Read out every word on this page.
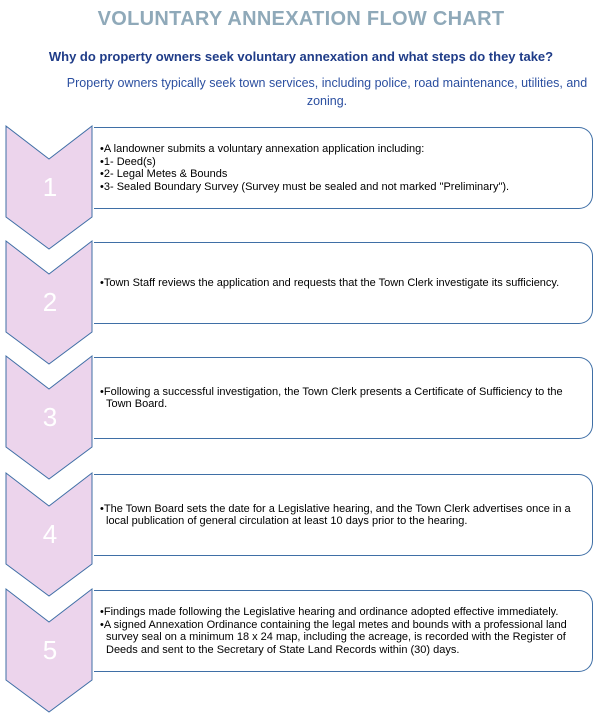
VOLUNTARY ANNEXATION FLOW CHART
Why do property owners seek voluntary annexation and what steps do they take?
Property owners typically seek town services, including police, road maintenance, utilities, and zoning.
1
•A landowner submits a voluntary annexation application including:
•1- Deed(s)
•2- Legal Metes & Bounds
•3- Sealed Boundary Survey (Survey must be sealed and not marked "Preliminary").
2
•Town Staff reviews the application and requests that the Town Clerk investigate its sufficiency.
3
•Following a successful investigation, the Town Clerk presents a Certificate of Sufficiency to the Town Board.
4
•The Town Board sets the date for a Legislative hearing, and the Town Clerk advertises once in a local publication of general circulation at least 10 days prior to the hearing.
5
•Findings made following the Legislative hearing and ordinance adopted effective immediately.
•A signed Annexation Ordinance containing the legal metes and bounds with a professional land survey seal on a minimum 18 x 24 map, including the acreage, is recorded with the Register of Deeds and sent to the Secretary of State Land Records within (30) days.
